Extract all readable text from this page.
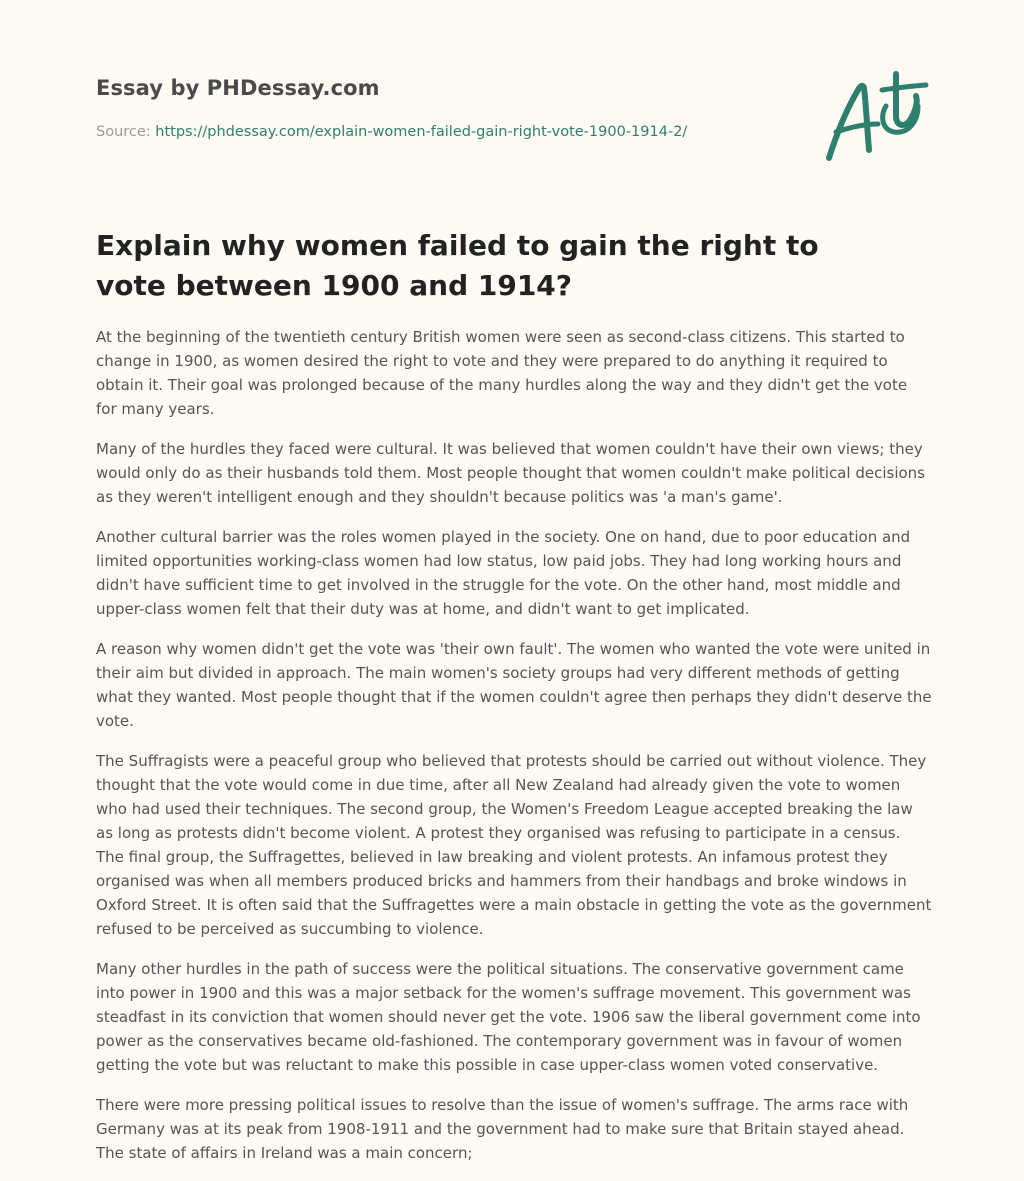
Essay by PHDessay.com
Source: https://phdessay.com/explain-women-failed-gain-right-vote-1900-1914-2/
Explain why women failed to gain the right to vote between 1900 and 1914?

At the beginning of the twentieth century British women were seen as second-class citizens. This started to change in 1900, as women desired the right to vote and they were prepared to do anything it required to obtain it. Their goal was prolonged because of the many hurdles along the way and they didn't get the vote for many years.

Many of the hurdles they faced were cultural. It was believed that women couldn't have their own views; they would only do as their husbands told them. Most people thought that women couldn't make political decisions as they weren't intelligent enough and they shouldn't because politics was 'a man's game'.

Another cultural barrier was the roles women played in the society. One on hand, due to poor education and limited opportunities working-class women had low status, low paid jobs. They had long working hours and didn't have sufficient time to get involved in the struggle for the vote. On the other hand, most middle and upper-class women felt that their duty was at home, and didn't want to get implicated.

A reason why women didn't get the vote was 'their own fault'. The women who wanted the vote were united in their aim but divided in approach. The main women's society groups had very different methods of getting what they wanted. Most people thought that if the women couldn't agree then perhaps they didn't deserve the vote.

The Suffragists were a peaceful group who believed that protests should be carried out without violence. They thought that the vote would come in due time, after all New Zealand had already given the vote to women who had used their techniques. The second group, the Women's Freedom League accepted breaking the law as long as protests didn't become violent. A protest they organised was refusing to participate in a census. The final group, the Suffragettes, believed in law breaking and violent protests. An infamous protest they organised was when all members produced bricks and hammers from their handbags and broke windows in Oxford Street. It is often said that the Suffragettes were a main obstacle in getting the vote as the government refused to be perceived as succumbing to violence.

Many other hurdles in the path of success were the political situations. The conservative government came into power in 1900 and this was a major setback for the women's suffrage movement. This government was steadfast in its conviction that women should never get the vote. 1906 saw the liberal government come into power as the conservatives became old-fashioned. The contemporary government was in favour of women getting the vote but was reluctant to make this possible in case upper-class women voted conservative.

There were more pressing political issues to resolve than the issue of women's suffrage. The arms race with Germany was at its peak from 1908-1911 and the government had to make sure that Britain stayed ahead. The state of affairs in Ireland was a main concern;
